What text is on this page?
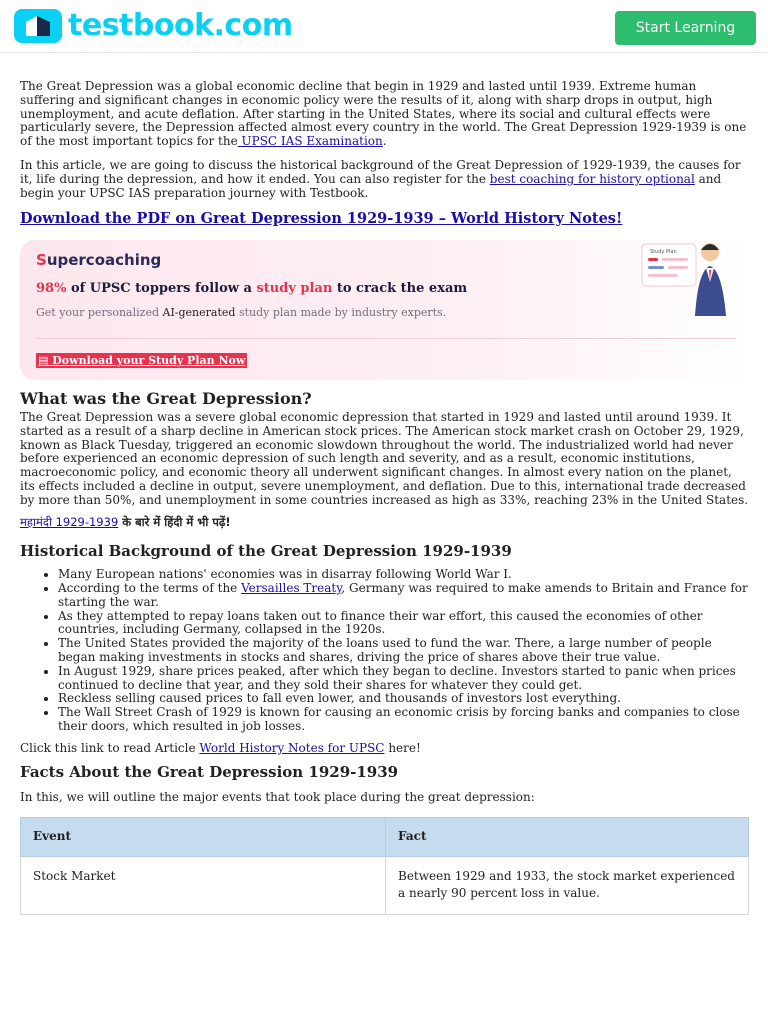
testbook.com	Start Learning

The Great Depression was a global economic decline that begin in 1929 and lasted until 1939. Extreme human suffering and significant changes in economic policy were the results of it, along with sharp drops in output, high unemployment, and acute deflation. After starting in the United States, where its social and cultural effects were particularly severe, the Depression affected almost every country in the world. The Great Depression 1929-1939 is one of the most important topics for the UPSC IAS Examination.

In this article, we are going to discuss the historical background of the Great Depression of 1929-1939, the causes for it, life during the depression, and how it ended. You can also register for the best coaching for history optional and begin your UPSC IAS preparation journey with Testbook.

Download the PDF on Great Depression 1929-1939 – World History Notes!
Supercoaching
98% of UPSC toppers follow a study plan to crack the exam
Get your personalized AI-generated study plan made by industry experts.
▤ Download your Study Plan Now
Study Plan
What was the Great Depression?

The Great Depression was a severe global economic depression that started in 1929 and lasted until around 1939. It started as a result of a sharp decline in American stock prices. The American stock market crash on October 29, 1929, known as Black Tuesday, triggered an economic slowdown throughout the world. The industrialized world had never before experienced an economic depression of such length and severity, and as a result, economic institutions, macroeconomic policy, and economic theory all underwent significant changes. In almost every nation on the planet, its effects included a decline in output, severe unemployment, and deflation. Due to this, international trade decreased by more than 50%, and unemployment in some countries increased as high as 33%, reaching 23% in the United States.

महामंदी 1929-1939 के बारे में हिंदी में भी पढ़ें!

Historical Background of the Great Depression 1929-1939
• Many European nations' economies was in disarray following World War I.
• According to the terms of the Versailles Treaty, Germany was required to make amends to Britain and France for starting the war.
• As they attempted to repay loans taken out to finance their war effort, this caused the economies of other countries, including Germany, collapsed in the 1920s.
• The United States provided the majority of the loans used to fund the war. There, a large number of people began making investments in stocks and shares, driving the price of shares above their true value.
• In August 1929, share prices peaked, after which they began to decline. Investors started to panic when prices continued to decline that year, and they sold their shares for whatever they could get.
• Reckless selling caused prices to fall even lower, and thousands of investors lost everything.
• The Wall Street Crash of 1929 is known for causing an economic crisis by forcing banks and companies to close their doors, which resulted in job losses.

Click this link to read Article World History Notes for UPSC here!

Facts About the Great Depression 1929-1939

In this, we will outline the major events that took place during the great depression:

Event	Fact
Stock Market	Between 1929 and 1933, the stock market experienced a nearly 90 percent loss in value.
